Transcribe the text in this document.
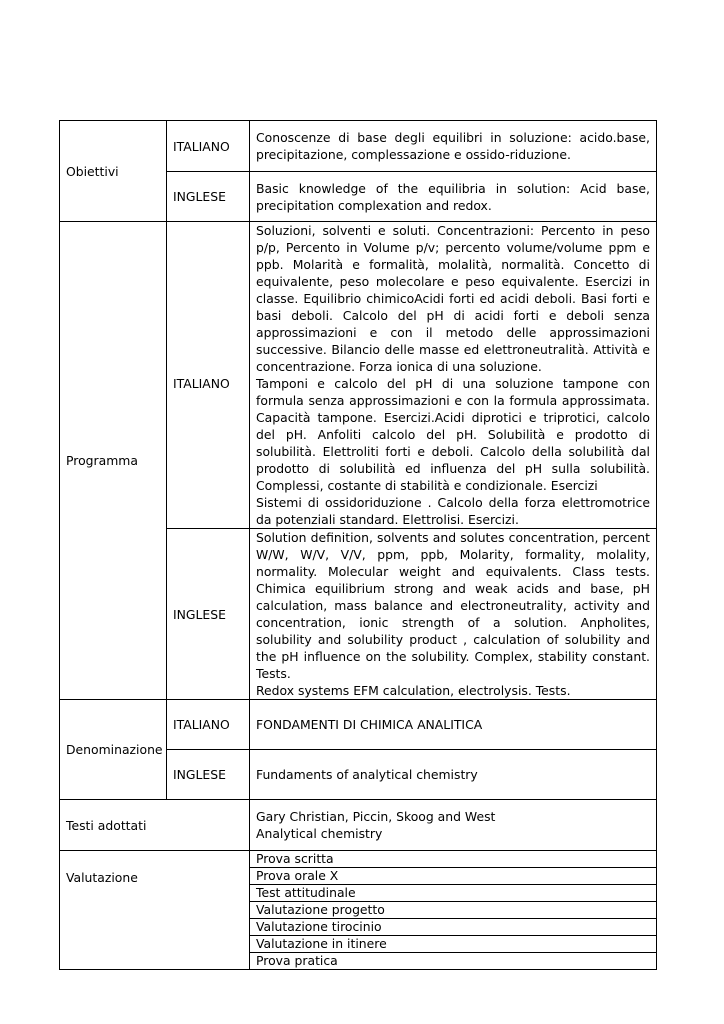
Obiettivi	ITALIANO	Conoscenze di base degli equilibri in soluzione: acido.base, precipitazione, complessazione e ossido-riduzione.
	INGLESE	Basic knowledge of the equilibria in solution: Acid base, precipitation complexation and redox.
Programma	ITALIANO	Soluzioni, solventi e soluti. Concentrazioni: Percento in peso p/p, Percento in Volume p/v; percento volume/volume ppm e ppb. Molarità e formalità, molalità, normalità. Concetto di equivalente, peso molecolare e peso equivalente. Esercizi in classe. Equilibrio chimicoAcidi forti ed acidi deboli. Basi forti e basi deboli. Calcolo del pH di acidi forti e deboli senza approssimazioni e con il metodo delle approssimazioni successive. Bilancio delle masse ed elettroneutralità. Attività e concentrazione. Forza ionica di una soluzione.
Tamponi e calcolo del pH di una soluzione tampone con formula senza approssimazioni e con la formula approssimata. Capacità tampone. Esercizi.Acidi diprotici e triprotici, calcolo del pH. Anfoliti calcolo del pH. Solubilità e prodotto di solubilità. Elettroliti forti e deboli. Calcolo della solubilità dal prodotto di solubilità ed influenza del pH sulla solubilità. Complessi, costante di stabilità e condizionale. Esercizi
Sistemi di ossidoriduzione . Calcolo della forza elettromotrice da potenziali standard. Elettrolisi. Esercizi.

	INGLESE	Solution definition, solvents and solutes concentration, percent W/W, W/V, V/V, ppm, ppb, Molarity, formality, molality, normality. Molecular weight and equivalents. Class tests. Chimica equilibrium strong and weak acids and base, pH calculation, mass balance and electroneutrality, activity and concentration, ionic strength of a solution. Anpholites, solubility and solubility product , calculation of solubility and the pH influence on the solubility. Complex, stability constant. Tests.
Redox systems EFM calculation, electrolysis. Tests.

Denominazione	ITALIANO	FONDAMENTI DI CHIMICA ANALITICA
	INGLESE	Fundaments of analytical chemistry
Testi adottati		Gary Christian, Piccin, Skoog and West
Analytical chemistry

Valutazione		Prova scritta
		Prova orale X
		Test attitudinale
		Valutazione progetto
		Valutazione tirocinio
		Valutazione in itinere
		Prova pratica
